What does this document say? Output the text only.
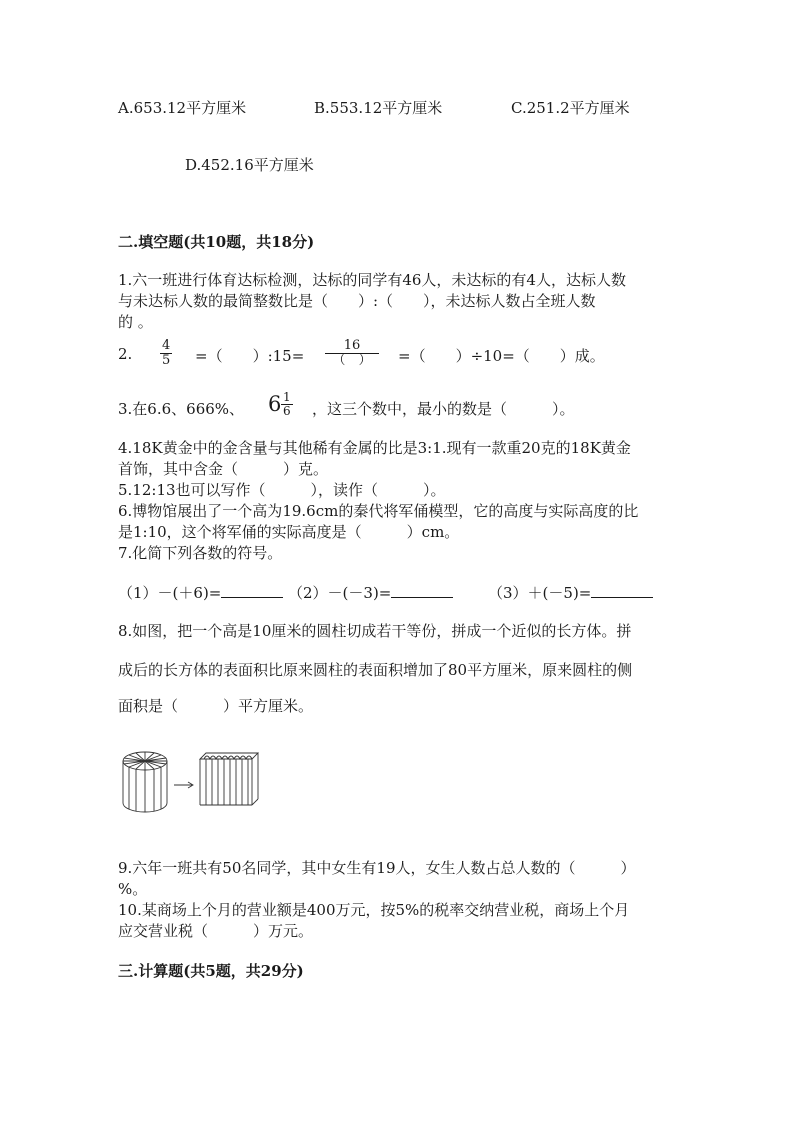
A.653.12平方厘米	B.553.12平方厘米	C.251.2平方厘米
D.452.16平方厘米
二.填空题(共10题，共18分)
1.六一班进行体育达标检测，达标的同学有46人，未达标的有4人，达标人数
与未达标人数的最简整数比是（　　）:（　　），未达标人数占全班人数
的 。
2. $\frac{4}{5}$ =（　　）:15=
16
（　）	=（　　）÷10=（　　）成。
3.在6.6、666%、 $6 \frac{1}{6}$ ，这三个数中，最小的数是（　　　）。
4.18K黄金中的金含量与其他稀有金属的比是3:1.现有一款重20克的18K黄金
首饰，其中含金（　　　）克。
5.12:13也可以写作（　　　），读作（　　　）。
6.博物馆展出了一个高为19.6cm的秦代将军俑模型，它的高度与实际高度的比
是1:10，这个将军俑的实际高度是（　　　）cm。
7.化简下列各数的符号。
（1）－(＋6)=	（2）－(－3)=	（3）＋(－5)=
8.如图，把一个高是10厘米的圆柱切成若干等份，拼成一个近似的长方体。拼
成后的长方体的表面积比原来圆柱的表面积增加了80平方厘米，原来圆柱的侧
面积是（　　　）平方厘米。
9.六年一班共有50名同学，其中女生有19人，女生人数占总人数的（　　　）
%。
10.某商场上个月的营业额是400万元，按5%的税率交纳营业税，商场上个月
应交营业税（　　　）万元。
三.计算题(共5题，共29分)
